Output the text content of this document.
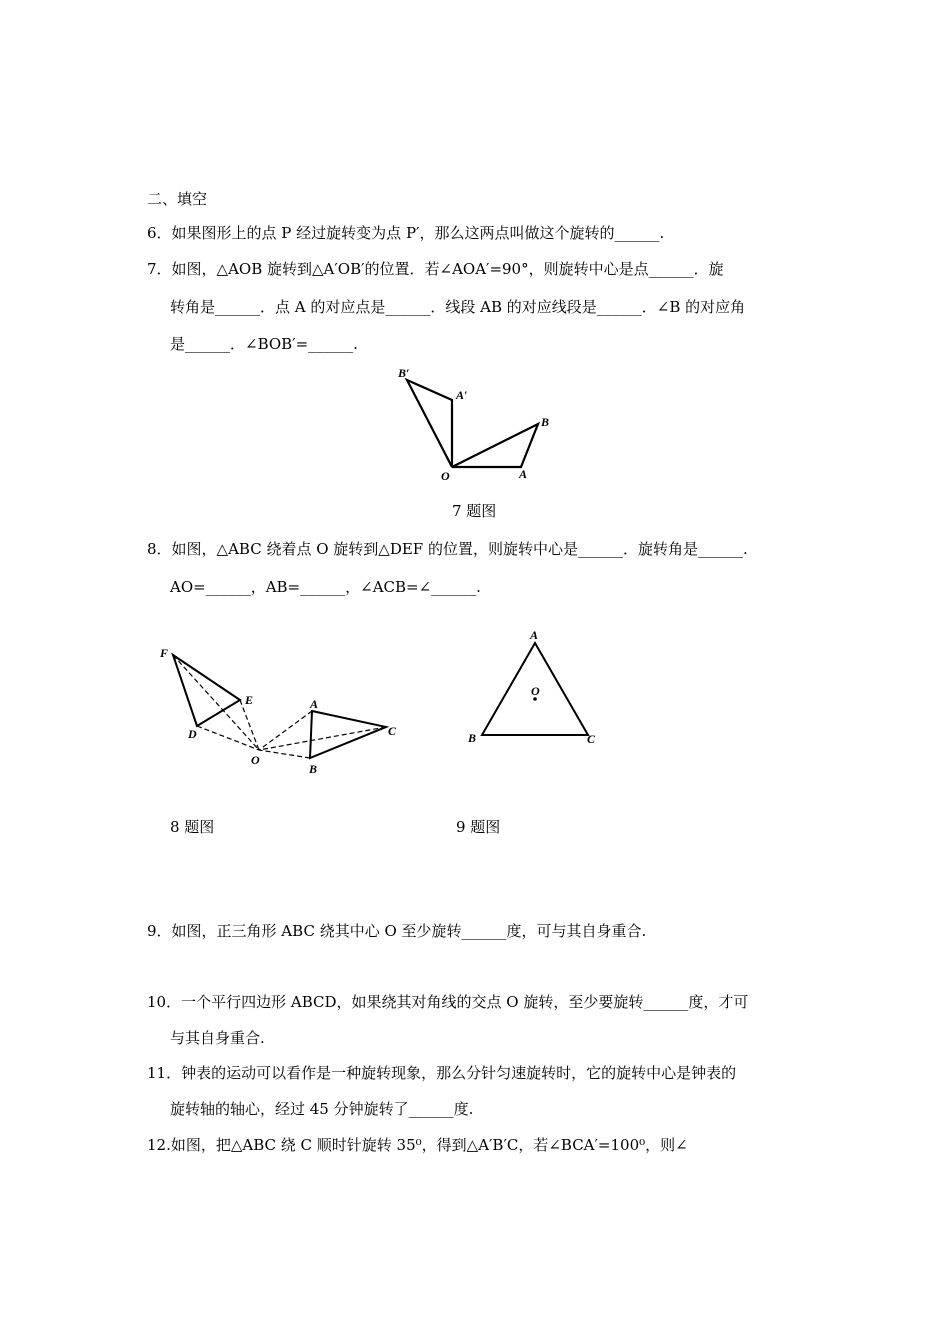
二、填空
6．如果图形上的点 P 经过旋转变为点 P′，那么这两点叫做这个旋转的______.
7．如图，△AOB 旋转到△A′OB′的位置．若∠AOA′=90°，则旋转中心是点______．旋
转角是______．点 A 的对应点是______．线段 AB 的对应线段是______．∠B 的对应角
是______．∠BOB′=______.
B′
A′
B
O	A
7 题图
8．如图，△ABC 绕着点 O 旋转到△DEF 的位置，则旋转中心是______．旋转角是______.
AO=______，AB=______，∠ACB=∠______.
F
E
D
O
A
B
C
8 题图
A
O
B	C
9 题图
9．如图，正三角形 ABC 绕其中心 O 至少旋转______度，可与其自身重合.
10．一个平行四边形 ABCD，如果绕其对角线的交点 O 旋转，至少要旋转______度，才可
与其自身重合.
11．钟表的运动可以看作是一种旋转现象，那么分针匀速旋转时，它的旋转中心是钟表的
旋转轴的轴心，经过 45 分钟旋转了______度.
12.如图，把△ABC 绕 C 顺时针旋转 35⁰，得到△A′B′C，若∠BCA′=100⁰，则∠
